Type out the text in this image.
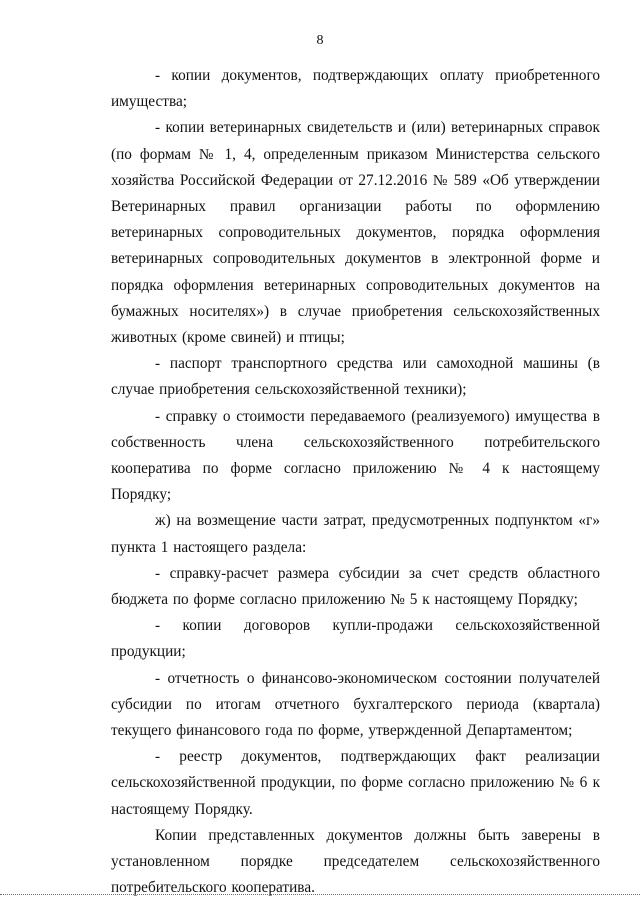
8

- копии документов, подтверждающих оплату приобретенного имущества;

- копии ветеринарных свидетельств и (или) ветеринарных справок (по формам № 1, 4, определенным приказом Министерства сельского хозяйства Российской Федерации от 27.12.2016 № 589 «Об утверждении Ветеринарных правил организации работы по оформлению ветеринарных сопроводительных документов, порядка оформления ветеринарных сопроводительных документов в электронной форме и порядка оформления ветеринарных сопроводительных документов на бумажных носителях») в случае приобретения сельскохозяйственных животных (кроме свиней) и птицы;

- паспорт транспортного средства или самоходной машины (в случае приобретения сельскохозяйственной техники);

- справку о стоимости передаваемого (реализуемого) имущества в собственность члена сельскохозяйственного потребительского кооператива по форме согласно приложению № 4 к настоящему Порядку;

ж) на возмещение части затрат, предусмотренных подпунктом «г» пункта 1 настоящего раздела:

- справку-расчет размера субсидии за счет средств областного бюджета по форме согласно приложению № 5 к настоящему Порядку;

- копии договоров купли-продажи сельскохозяйственной продукции;

- отчетность о финансово-экономическом состоянии получателей субсидии по итогам отчетного бухгалтерского периода (квартала) текущего финансового года по форме, утвержденной Департаментом;

- реестр документов, подтверждающих факт реализации сельскохозяйственной продукции, по форме согласно приложению № 6 к настоящему Порядку.

Копии представленных документов должны быть заверены в установленном порядке председателем сельскохозяйственного потребительского кооператива.
